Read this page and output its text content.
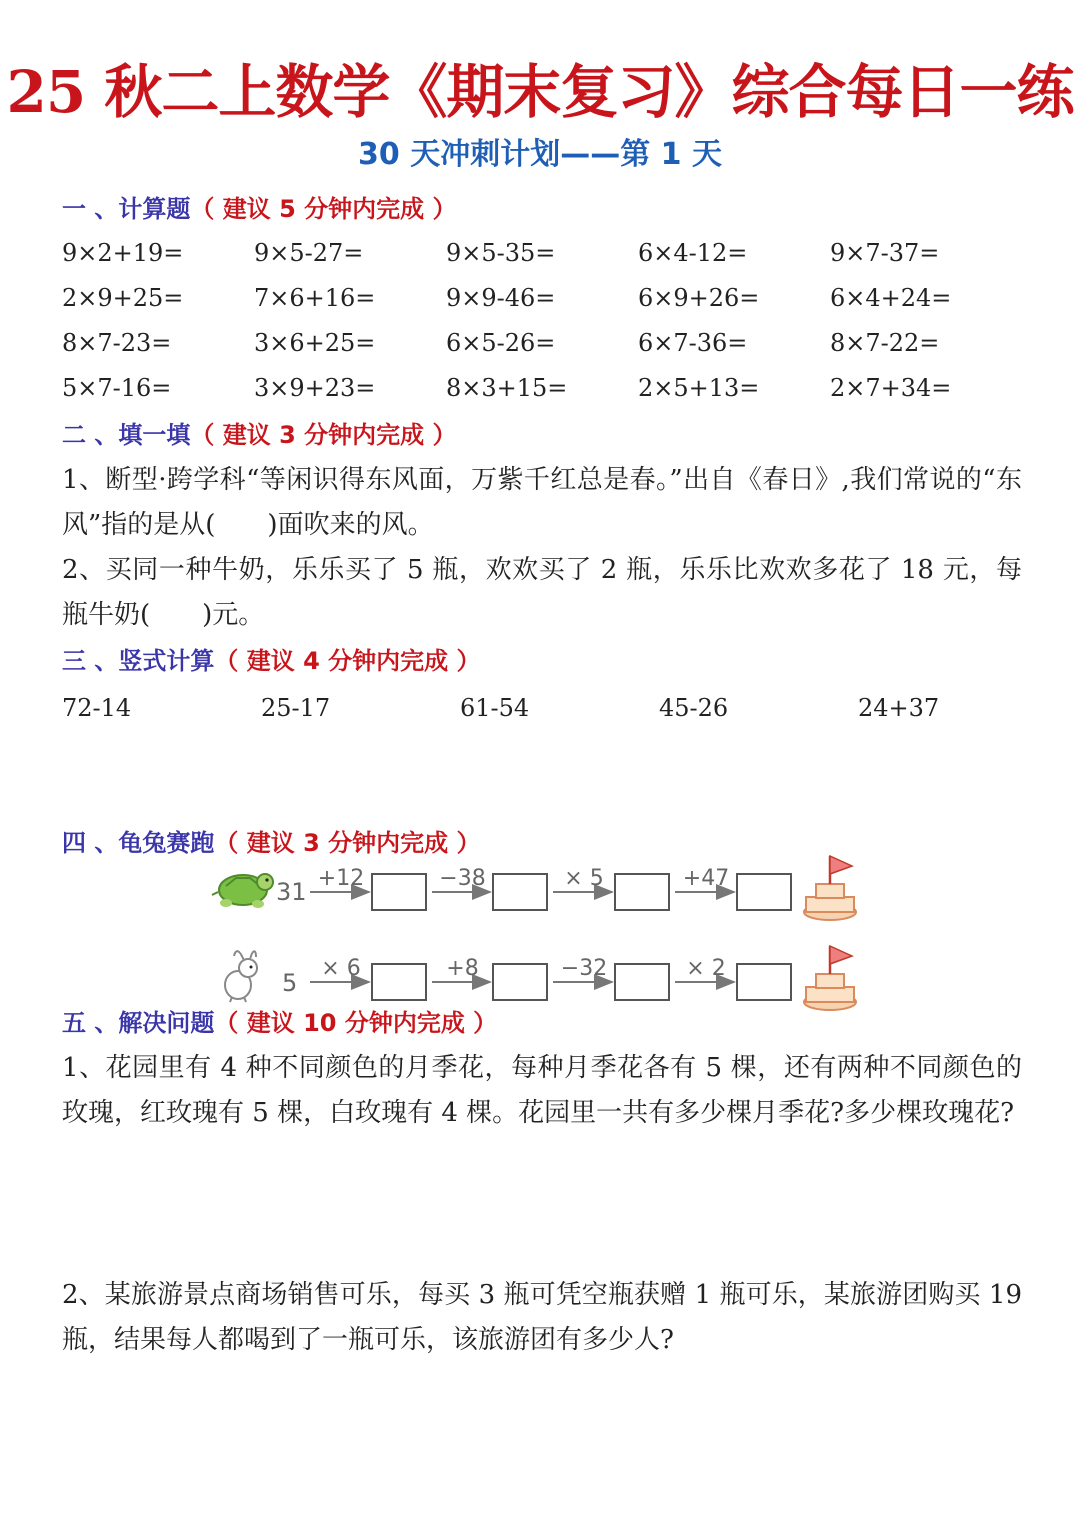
25 秋二上数学《期末复习》综合每日一练
30 天冲刺计划——第 1 天
一 、计算题（ 建议 5 分钟内完成 ）
9×2+19=	9×5-27=	9×5-35=	6×4-12=	9×7-37=
2×9+25=	7×6+16=	9×9-46=	6×9+26=	6×4+24=
8×7-23=	3×6+25=	6×5-26=	6×7-36=	8×7-22=
5×7-16=	3×9+23=	8×3+15=	2×5+13=	2×7+34=
二 、填一填（ 建议 3 分钟内完成 ）
1、断型·跨学科“等闲识得东风面，万紫千红总是春。”出自《春日》,我们常说的“东风”指的是从(　　)面吹来的风。
2、买同一种牛奶，乐乐买了 5 瓶，欢欢买了 2 瓶，乐乐比欢欢多花了 18 元，每瓶牛奶(　　)元。
三 、竖式计算（ 建议 4 分钟内完成 ）
72-14	25-17	61-54	45-26	24+37
四 、龟兔赛跑（ 建议 3 分钟内完成 ）
31 +12	−38	× 5	+47
5
× 6	+8	−32	× 2
五 、解决问题（ 建议 10 分钟内完成 ）
1、花园里有 4 种不同颜色的月季花，每种月季花各有 5 棵，还有两种不同颜色的玫瑰，红玫瑰有 5 棵，白玫瑰有 4 棵。花园里一共有多少棵月季花?多少棵玫瑰花?
2、某旅游景点商场销售可乐，每买 3 瓶可凭空瓶获赠 1 瓶可乐，某旅游团购买 19 瓶，结果每人都喝到了一瓶可乐，该旅游团有多少人?
